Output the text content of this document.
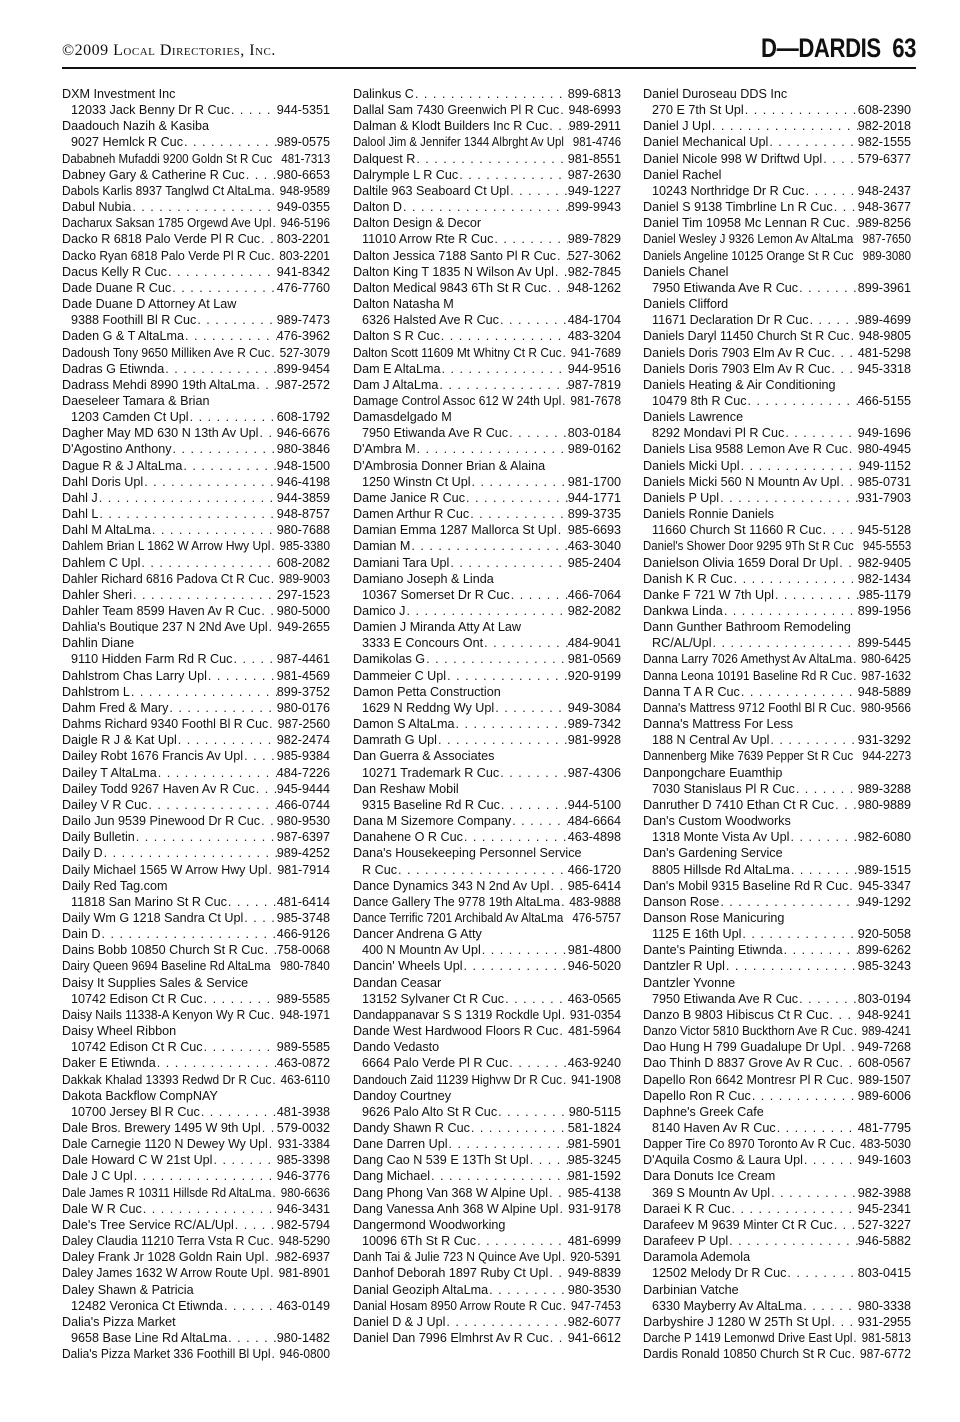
©2009 Local Directories, Inc.	D—DARDIS 63
DXM Investment Inc
12033 Jack Benny Dr R Cuc . . .	944-5351
Daadouch Nazih & Kasiba
9027 Hemlck R Cuc . . .	989-0575
Dababneh Mufaddi 9200 Goldn St R Cuc 481-7313
Dabney Gary & Catherine R Cuc . . .	980-6653
Dabols Karlis 8937 Tanglwd Ct AltaLma . . . 948-9589
Dabul Nubia . . .	949-0355
Dacharux Saksan 1785 Orgewd Ave Upl . . . 946-5196
Dacko R 6818 Palo Verde Pl R Cuc . . . 803-2201
Dacko Ryan 6818 Palo Verde Pl R Cuc . . . 803-2201
Dacus Kelly R Cuc . . .	941-8342
Dade Duane R Cuc . . .	476-7760
Dade Duane D Attorney At Law
9388 Foothill Bl R Cuc . . .	989-7473
Daden G & T AltaLma . . .	476-3962
Dadoush Tony 9650 Milliken Ave R Cuc . . . 527-3079
Dadras G Etiwnda . . .	899-9454
Dadrass Mehdi 8990 19th AltaLma . . . 987-2572
Daeseleer Tamara & Brian
1203 Camden Ct Upl . . .	608-1792
Dagher May MD 630 N 13th Av Upl . . . 946-6676
D'Agostino Anthony . . .	980-3846
Dague R & J AltaLma . . .	948-1500
Dahl Doris Upl . . .	946-4198
Dahl J . . .	944-3859
Dahl L . . .	948-8757
Dahl M AltaLma . . .	980-7688
Dahlem Brian L 1862 W Arrow Hwy Upl . . . 985-3380
Dahlem C Upl . . .	608-2082
Dahler Richard 6816 Padova Ct R Cuc . . . 989-9003
Dahler Sheri . . .	297-1523
Dahler Team 8599 Haven Av R Cuc . . . 980-5000
Dahlia's Boutique 237 N 2Nd Ave Upl . . . 949-2655
Dahlin Diane
9110 Hidden Farm Rd R Cuc . . .	987-4461
Dahlstrom Chas Larry Upl . . .	981-4569
Dahlstrom L . . .	899-3752
Dahm Fred & Mary . . .	980-0176
Dahms Richard 9340 Foothl Bl R Cuc . . . 987-2560
Daigle R J & Kat Upl . . .	982-2474
Dailey Robt 1676 Francis Av Upl . . .	985-9384
Dailey T AltaLma . . .	484-7226
Dailey Todd 9267 Haven Av R Cuc . . . 945-9444
Dailey V R Cuc . . .	466-0744
Dailo Jun 9539 Pinewood Dr R Cuc . . . 980-9530
Daily Bulletin . . .	987-6397
Daily D . . .	989-4252
Daily Michael 1565 W Arrow Hwy Upl . . . 981-7914
Daily Red Tag.com
11818 San Marino St R Cuc . . .	481-6414
Daily Wm G 1218 Sandra Ct Upl . . .	985-3748
Dain D . . .	466-9126
Dains Bobb 10850 Church St R Cuc . . . 758-0068
Dairy Queen 9694 Baseline Rd AltaLma 980-7840
Daisy It Supplies Sales & Service
10742 Edison Ct R Cuc . . .	989-5585
Daisy Nails 11338-A Kenyon Wy R Cuc . . . 948-1971
Daisy Wheel Ribbon
10742 Edison Ct R Cuc . . .	989-5585
Daker E Etiwnda . . .	463-0872
Dakkak Khalad 13393 Redwd Dr R Cuc . . . 463-6110
Dakota Backflow CompNAY
10700 Jersey Bl R Cuc . . .	481-3938
Dale Bros. Brewery 1495 W 9th Upl . . . 579-0032
Dale Carnegie 1120 N Dewey Wy Upl . . . 931-3384
Dale Howard C W 21st Upl . . .	985-3398
Dale J C Upl . . .	946-3776
Dale James R 10311 Hillsde Rd AltaLma . . . 980-6636
Dale W R Cuc . . .	946-3431
Dale's Tree Service RC/AL/Upl . . .	982-5794
Daley Claudia 11210 Terra Vsta R Cuc . . . 948-5290
Daley Frank Jr 1028 Goldn Rain Upl . . . 982-6937
Daley James 1632 W Arrow Route Upl . . . 981-8901
Daley Shawn & Patricia
12482 Veronica Ct Etiwnda . . .	463-0149
Dalia's Pizza Market
9658 Base Line Rd AltaLma . . .	980-1482
Dalia's Pizza Market 336 Foothill Bl Upl . . . 946-0800
Dalinkus C . . .	899-6813
Dallal Sam 7430 Greenwich Pl R Cuc . . . 948-6993
Dalman & Klodt Builders Inc R Cuc . . . 989-2911
Dalool Jim & Jennifer 1344 Albrght Av Upl 981-4746
Dalquest R . . .	981-8551
Dalrymple L R Cuc . . .	987-2630
Daltile 963 Seaboard Ct Upl . . .	949-1227
Dalton D . . .	899-9943
Dalton Design & Decor
11010 Arrow Rte R Cuc . . .	989-7829
Dalton Jessica 7188 Santo Pl R Cuc . . . 527-3062
Dalton King T 1835 N Wilson Av Upl . . . 982-7845
Dalton Medical 9843 6Th St R Cuc . . . 948-1262
Dalton Natasha M
6326 Halsted Ave R Cuc . . .	484-1704
Dalton S R Cuc . . .	483-3204
Dalton Scott 11609 Mt Whitny Ct R Cuc . . . 941-7689
Dam E AltaLma . . .	944-9516
Dam J AltaLma . . .	987-7819
Damage Control Assoc 612 W 24th Upl . . . 981-7678
Damasdelgado M
7950 Etiwanda Ave R Cuc . . .	803-0184
D'Ambra M . . .	989-0162
D'Ambrosia Donner Brian & Alaina
1250 Winstn Ct Upl . . .	981-1700
Dame Janice R Cuc . . .	944-1771
Damen Arthur R Cuc . . .	899-3735
Damian Emma 1287 Mallorca St Upl . . . 985-6693
Damian M . . .	463-3040
Damiani Tara Upl . . .	985-2404
Damiano Joseph & Linda
10367 Somerset Dr R Cuc . . .	466-7064
Damico J . . .	982-2082
Damien J Miranda Atty At Law
3333 E Concours Ont . . .	484-9041
Damikolas G . . .	981-0569
Dammeier C Upl . . .	920-9199
Damon Petta Construction
1629 N Reddng Wy Upl . . .	949-3084
Damon S AltaLma . . .	989-7342
Damrath G Upl . . .	981-9928
Dan Guerra & Associates
10271 Trademark R Cuc . . .	987-4306
Dan Reshaw Mobil
9315 Baseline Rd R Cuc . . .	944-5100
Dana M Sizemore Company . . .	484-6664
Danahene O R Cuc . . .	463-4898
Dana's Housekeeping Personnel Service
R Cuc . . .	466-1720
Dance Dynamics 343 N 2nd Av Upl . . . 985-6414
Dance Gallery The 9778 19th AltaLma . . . 483-9888
Dance Terrific 7201 Archibald Av AltaLma 476-5757
Dancer Andrena G Atty
400 N Mountn Av Upl . . .	981-4800
Dancin' Wheels Upl . . .	946-5020
Dandan Ceasar
13152 Sylvaner Ct R Cuc . . .	463-0565
Dandappanavar S S 1319 Rockdle Upl . . . 931-0354
Dande West Hardwood Floors R Cuc . . . 481-5964
Dando Vedasto
6664 Palo Verde Pl R Cuc . . .	463-9240
Dandouch Zaid 11239 Highvw Dr R Cuc . . . 941-1908
Dandoy Courtney
9626 Palo Alto St R Cuc . . .	980-5115
Dandy Shawn R Cuc . . .	581-1824
Dane Darren Upl . . .	981-5901
Dang Cao N 539 E 13Th St Upl . . .	985-3245
Dang Michael . . .	981-1592
Dang Phong Van 368 W Alpine Upl . . . 985-4138
Dang Vanessa Anh 368 W Alpine Upl . . . 931-9178
Dangermond Woodworking
10096 6Th St R Cuc . . .	481-6999
Danh Tai & Julie 723 N Quince Ave Upl . . . 920-5391
Danhof Deborah 1897 Ruby Ct Upl . . . 949-8839
Danial Geoziph AltaLma . . .	980-3530
Danial Hosam 8950 Arrow Route R Cuc . . . 947-7453
Daniel D & J Upl . . .	982-6077
Daniel Dan 7996 Elmhrst Av R Cuc . . . 941-6612
Daniel Duroseau DDS Inc
270 E 7th St Upl . . .	608-2390
Daniel J Upl . . .	982-2018
Daniel Mechanical Upl . . .	982-1555
Daniel Nicole 998 W Driftwd Upl . . .	579-6377
Daniel Rachel
10243 Northridge Dr R Cuc . . .	948-2437
Daniel S 9138 Timbrline Ln R Cuc . . . 948-3677
Daniel Tim 10958 Mc Lennan R Cuc . . . 989-8256
Daniel Wesley J 9326 Lemon Av AltaLma 987-7650
Daniels Angeline 10125 Orange St R Cuc 989-3080
Daniels Chanel
7950 Etiwanda Ave R Cuc . . .	899-3961
Daniels Clifford
11671 Declaration Dr R Cuc . . .	989-4699
Daniels Daryl 11450 Church St R Cuc . . . 948-9805
Daniels Doris 7903 Elm Av R Cuc . . . 481-5298
Daniels Doris 7903 Elm Av R Cuc . . . 945-3318
Daniels Heating & Air Conditioning
10479 8th R Cuc . . .	466-5155
Daniels Lawrence
8292 Mondavi Pl R Cuc . . .	949-1696
Daniels Lisa 9588 Lemon Ave R Cuc . . . 980-4945
Daniels Micki Upl . . .	949-1152
Daniels Micki 560 N Mountn Av Upl . . . 985-0731
Daniels P Upl . . .	931-7903
Daniels Ronnie Daniels
11660 Church St 11660 R Cuc . . .	945-5128
Daniel's Shower Door 9295 9Th St R Cuc 945-5553
Danielson Olivia 1659 Doral Dr Upl . . . 982-9405
Danish K R Cuc . . .	982-1434
Danke F 721 W 7th Upl . . .	985-1179
Dankwa Linda . . .	899-1956
Dann Gunther Bathroom Remodeling
RC/AL/Upl . . .	899-5445
Danna Larry 7026 Amethyst Av AltaLma . . . 980-6425
Danna Leona 10191 Baseline Rd R Cuc . . . 987-1632
Danna T A R Cuc . . .	948-5889
Danna's Mattress 9712 Foothl Bl R Cuc . . . 980-9566
Danna's Mattress For Less
188 N Central Av Upl . . .	931-3292
Dannenberg Mike 7639 Pepper St R Cuc 944-2273
Danpongchare Euamthip
7030 Stanislaus Pl R Cuc . . .	989-3288
Danruther D 7410 Ethan Ct R Cuc . . . 980-9889
Dan's Custom Woodworks
1318 Monte Vista Av Upl . . .	982-6080
Dan's Gardening Service
8805 Hillsde Rd AltaLma . . .	989-1515
Dan's Mobil 9315 Baseline Rd R Cuc . . . 945-3347
Danson Rose . . .	949-1292
Danson Rose Manicuring
1125 E 16th Upl . . .	920-5058
Dante's Painting Etiwnda . . .	899-6262
Dantzler R Upl . . .	985-3243
Dantzler Yvonne
7950 Etiwanda Ave R Cuc . . .	803-0194
Danzo B 9803 Hibiscus Ct R Cuc . . . 948-9241
Danzo Victor 5810 Buckthorn Ave R Cuc . . . 989-4241
Dao Hung H 799 Guadalupe Dr Upl . . . 949-7268
Dao Thinh D 8837 Grove Av R Cuc . . . 608-0567
Dapello Ron 6642 Montresr Pl R Cuc . . . 989-1507
Dapello Ron R Cuc . . .	989-6006
Daphne's Greek Cafe
8140 Haven Av R Cuc . . .	481-7795
Dapper Tire Co 8970 Toronto Av R Cuc . . . 483-5030
D'Aquila Cosmo & Laura Upl . . .	949-1603
Dara Donuts Ice Cream
369 S Mountn Av Upl . . .	982-3988
Daraei K R Cuc . . .	945-2341
Darafeev M 9639 Minter Ct R Cuc . . . 527-3227
Darafeev P Upl . . .	946-5882
Daramola Ademola
12502 Melody Dr R Cuc . . .	803-0415
Darbinian Vatche
6330 Mayberry Av AltaLma . . .	980-3338
Darbyshire J 1280 W 25Th St Upl . . . 931-2955
Darche P 1419 Lemonwd Drive East Upl . . . 981-5813
Dardis Ronald 10850 Church St R Cuc . . . 987-6772
